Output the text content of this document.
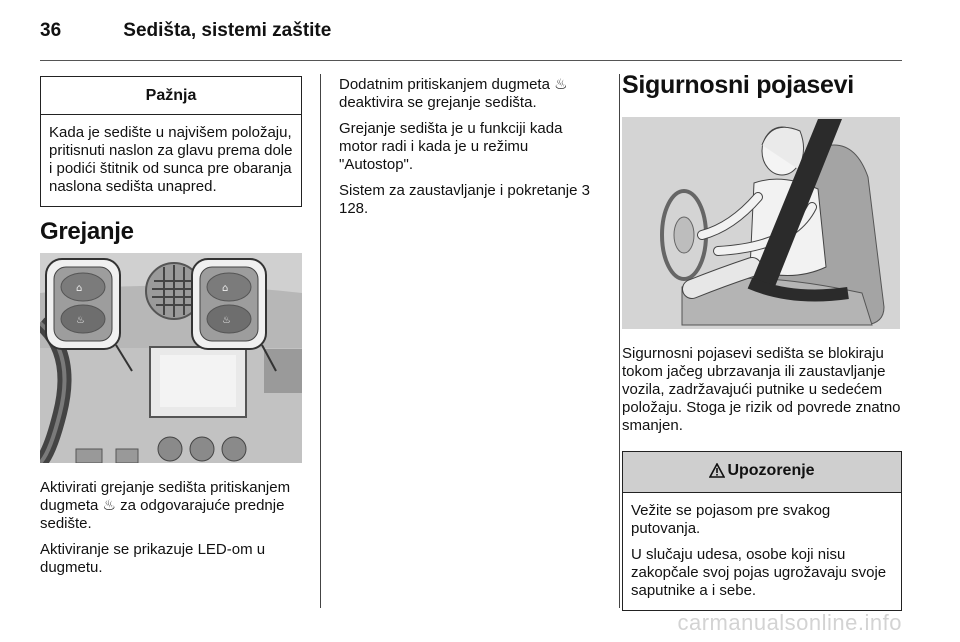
36	Sedišta, sistemi zaštite
Pažnja

Kada je sedište u najvišem položaju, pritisnuti naslon za glavu prema dole i podići štitnik od sunca pre obaranja naslona sedišta unapred.

Grejanje
⌂
♨
⌂
♨

Aktivirati grejanje sedišta pritiskanjem dugmeta ♨ za odgovarajuće prednje sedište.

Aktiviranje se prikazuje LED-om u dugmetu.

Dodatnim pritiskanjem dugmeta ♨ deaktivira se grejanje sedišta.

Grejanje sedišta je u funkciji kada motor radi i kada je u režimu "Autostop".

Sistem za zaustavljanje i pokretanje 3 128.

Sigurnosni pojasevi

Sigurnosni pojasevi sedišta se blokiraju tokom jačeg ubrzavanja ili zaustavljanje vozila, zadržavajući putnike u sedećem položaju. Stoga je rizik od povrede znatno smanjen.

Upozorenje

Vežite se pojasom pre svakog putovanja.

U slučaju udesa, osobe koji nisu zakopčale svoj pojas ugrožavaju svoje saputnike a i sebe.

carmanualsonline.info
